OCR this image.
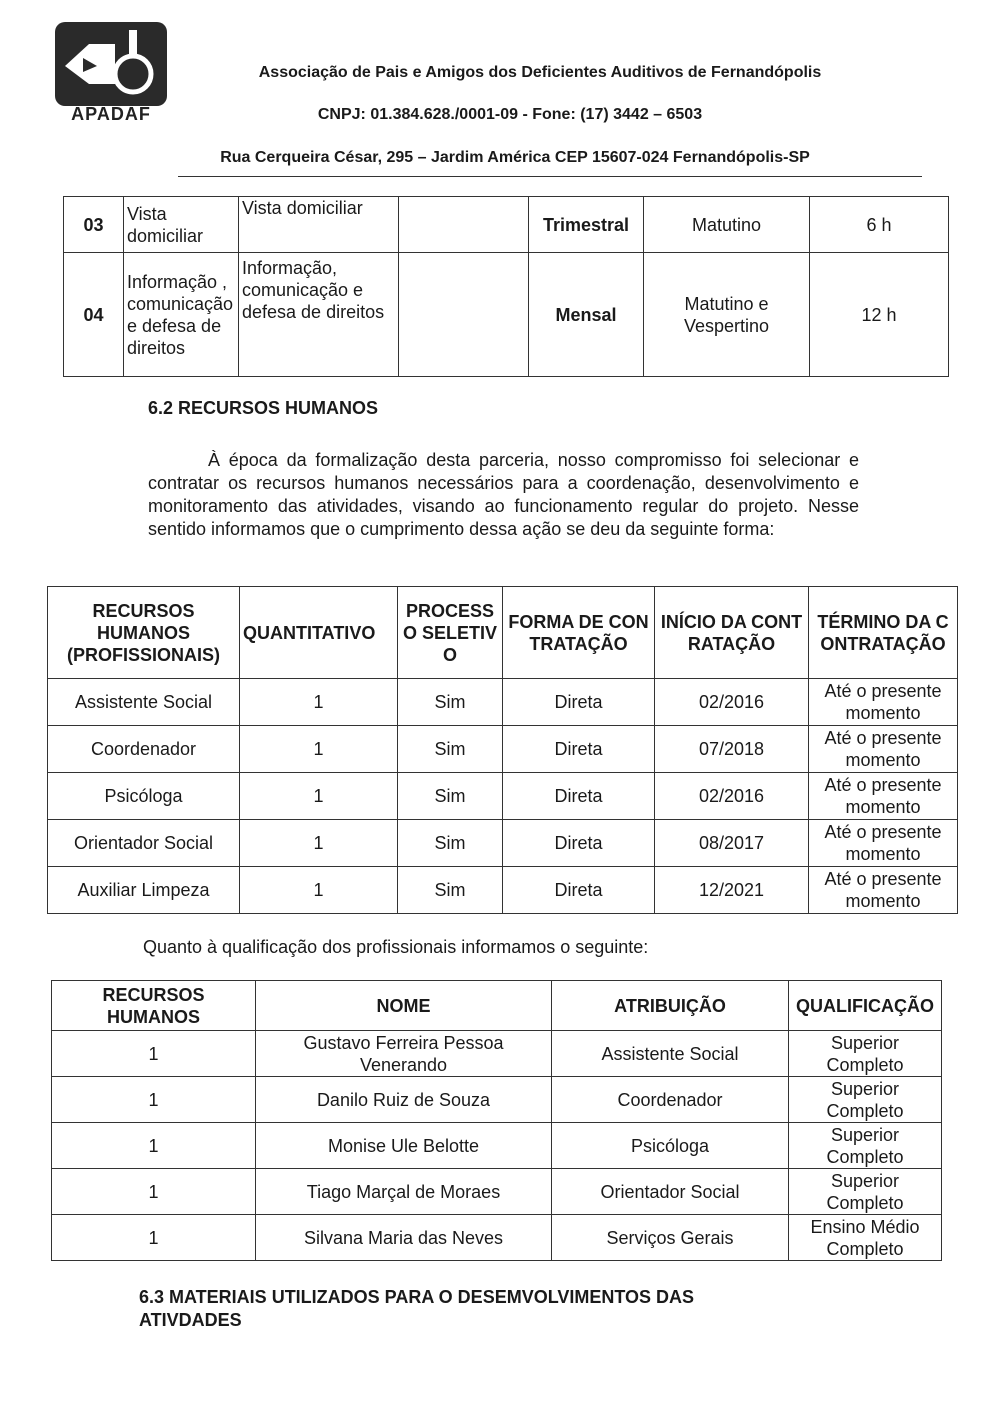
APADAF
Associação de Pais e Amigos dos Deficientes Auditivos de Fernandópolis
CNPJ: 01.384.628./0001-09 - Fone: (17) 3442 – 6503
Rua Cerqueira César, 295 – Jardim América CEP 15607-024 Fernandópolis-SP
03	Vista domiciliar	Vista domiciliar		Trimestral	Matutino	6 h
04	Informação , comunicação e defesa de direitos	Informação, comunicação e defesa de direitos		Mensal	Matutino e Vespertino	12 h
6.2 RECURSOS HUMANOS

À época da formalização desta parceria, nosso compromisso foi selecionar e contratar os recursos humanos necessários para a coordenação, desenvolvimento e monitoramento das atividades, visando ao funcionamento regular do projeto. Nesse sentido informamos que o cumprimento dessa ação se deu da seguinte forma:

RECURSOS HUMANOS (PROFISSIONAIS)	QUANTITATIVO	PROCESSO SELETIVO	FORMA DE CONTRATAÇÃO	INÍCIO DA CONTRATAÇÃO	TÉRMINO DA CONTRATAÇÃO
Assistente Social	1	Sim	Direta	02/2016	Até o presente momento
Coordenador	1	Sim	Direta	07/2018	Até o presente momento
Psicóloga	1	Sim	Direta	02/2016	Até o presente momento
Orientador Social	1	Sim	Direta	08/2017	Até o presente momento
Auxiliar Limpeza	1	Sim	Direta	12/2021	Até o presente momento
Quanto à qualificação dos profissionais informamos o seguinte:
RECURSOS HUMANOS	NOME	ATRIBUIÇÃO	QUALIFICAÇÃO
1	Gustavo Ferreira Pessoa Venerando	Assistente Social	Superior Completo
1	Danilo Ruiz de Souza	Coordenador	Superior Completo
1	Monise Ule Belotte	Psicóloga	Superior Completo
1	Tiago Marçal de Moraes	Orientador Social	Superior Completo
1	Silvana Maria das Neves	Serviços Gerais	Ensino Médio Completo
6.3 MATERIAIS UTILIZADOS PARA O DESEMVOLVIMENTOS DAS ATIVDADES
